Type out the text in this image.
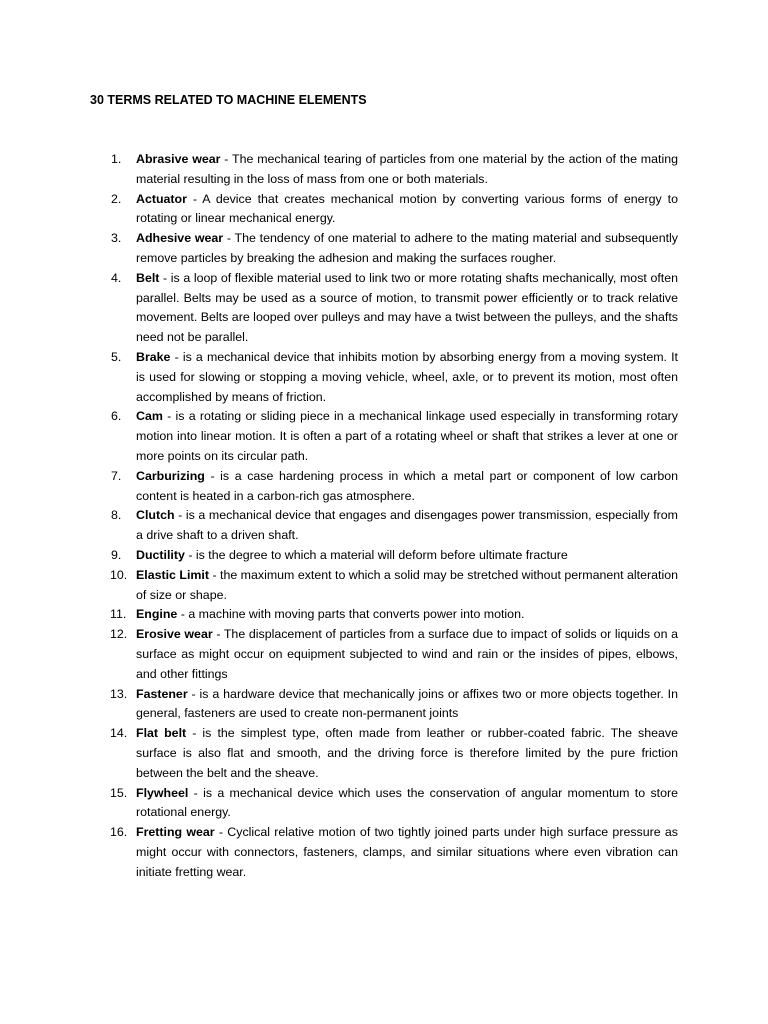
30 TERMS RELATED TO MACHINE ELEMENTS
1.	Abrasive wear - The mechanical tearing of particles from one material by the action of the mating material resulting in the loss of mass from one or both materials.
2.	Actuator - A device that creates mechanical motion by converting various forms of energy to rotating or linear mechanical energy.
3.	Adhesive wear - The tendency of one material to adhere to the mating material and subsequently remove particles by breaking the adhesion and making the surfaces rougher.
4.	Belt - is a loop of flexible material used to link two or more rotating shafts mechanically, most often parallel. Belts may be used as a source of motion, to transmit power efficiently or to track relative movement. Belts are looped over pulleys and may have a twist between the pulleys, and the shafts need not be parallel.
5.	Brake - is a mechanical device that inhibits motion by absorbing energy from a moving system. It is used for slowing or stopping a moving vehicle, wheel, axle, or to prevent its motion, most often accomplished by means of friction.
6.	Cam - is a rotating or sliding piece in a mechanical linkage used especially in transforming rotary motion into linear motion. It is often a part of a rotating wheel or shaft that strikes a lever at one or more points on its circular path.
7.	Carburizing - is a case hardening process in which a metal part or component of low carbon content is heated in a carbon-rich gas atmosphere.
8.	Clutch - is a mechanical device that engages and disengages power transmission, especially from a drive shaft to a driven shaft.
9.	Ductility - is the degree to which a material will deform before ultimate fracture
10. Elastic Limit - the maximum extent to which a solid may be stretched without permanent alteration of size or shape.
11. Engine - a machine with moving parts that converts power into motion.
12. Erosive wear - The displacement of particles from a surface due to impact of solids or liquids on a surface as might occur on equipment subjected to wind and rain or the insides of pipes, elbows, and other fittings
13. Fastener - is a hardware device that mechanically joins or affixes two or more objects together. In general, fasteners are used to create non-permanent joints
14. Flat belt - is the simplest type, often made from leather or rubber-coated fabric. The sheave surface is also flat and smooth, and the driving force is therefore limited by the pure friction between the belt and the sheave.
15. Flywheel - is a mechanical device which uses the conservation of angular momentum to store rotational energy.
16. Fretting wear - Cyclical relative motion of two tightly joined parts under high surface pressure as might occur with connectors, fasteners, clamps, and similar situations where even vibration can initiate fretting wear.
